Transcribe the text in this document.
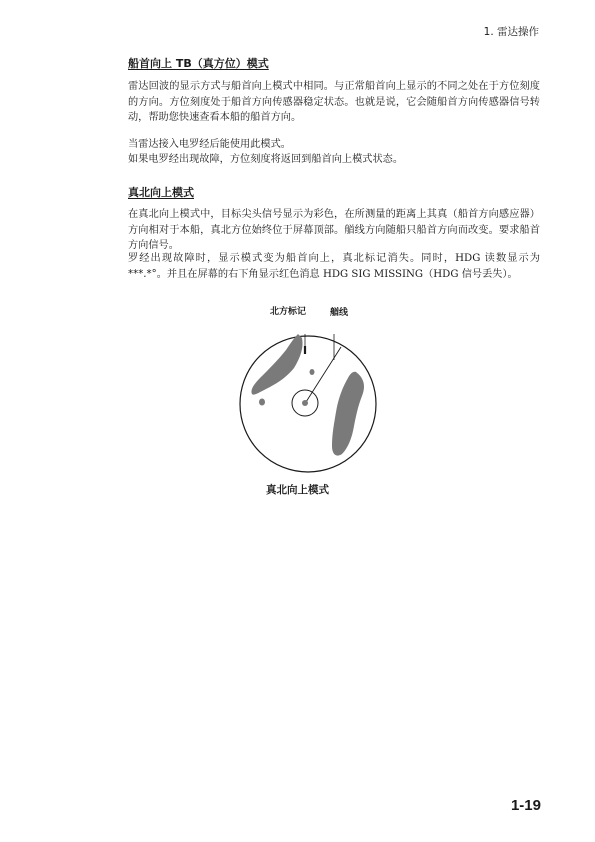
1. 雷达操作
船首向上 TB（真方位）模式
雷达回波的显示方式与船首向上模式中相同。与正常船首向上显示的不同之处在于方位刻度的方向。方位刻度处于船首方向传感器稳定状态。也就是说，它会随船首方向传感器信号转动，帮助您快速查看本船的船首方向。
当雷达接入电罗经后能使用此模式。
如果电罗经出现故障，方位刻度将返回到船首向上模式状态。
真北向上模式
在真北向上模式中，目标尖头信号显示为彩色，在所测量的距离上其真（船首方向感应器）方向相对于本船，真北方位始终位于屏幕顶部。艏线方向随船只船首方向而改变。要求船首方向信号。
罗经出现故障时，显示模式变为船首向上，真北标记消失。同时，HDG 读数显示为 ***.*°。并且在屏幕的右下角显示红色消息 HDG SIG MISSING（HDG 信号丢失）。
北方标记	艏线
真北向上模式
1-19
